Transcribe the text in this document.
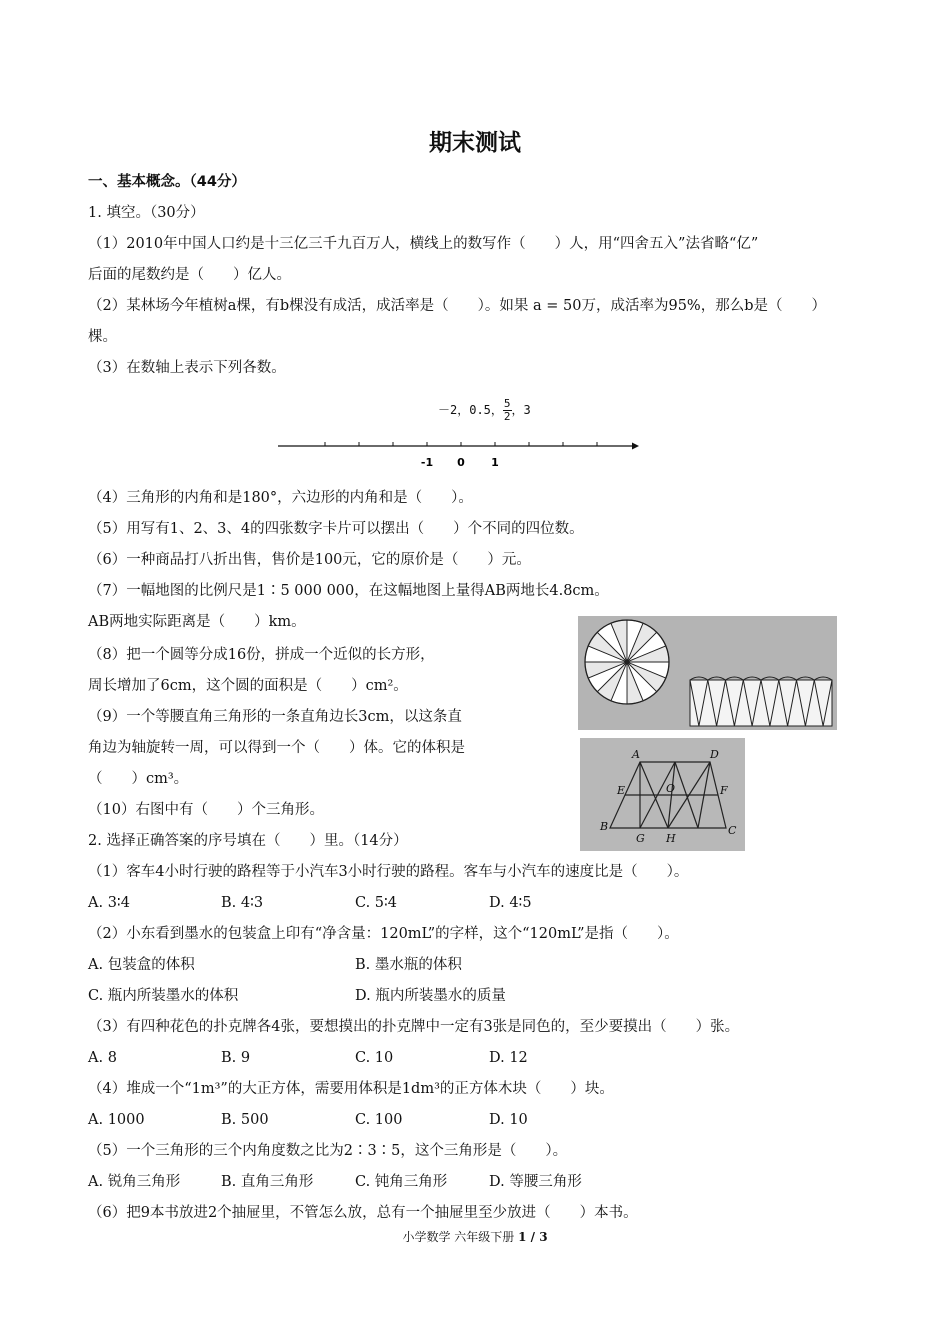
期末测试
一、基本概念。（44分）
1. 填空。（30分）
（1）2010年中国人口约是十三亿三千九百万人，横线上的数写作（　　）人，用“四舍五入”法省略“亿”
后面的尾数约是（　　）亿人。
（2）某林场今年植树a棵，有b棵没有成活，成活率是（　　）。如果 a = 50万，成活率为95%，那么b是（　　）
棵。
（3）在数轴上表示下列各数。
－2，0.5， $\frac{5}{2}$ ，3
-1 0 1
（4）三角形的内角和是180°，六边形的内角和是（　　）。
（5）用写有1、2、3、4的四张数字卡片可以摆出（　　）个不同的四位数。
（6）一种商品打八折出售，售价是100元，它的原价是（　　）元。
（7）一幅地图的比例尺是1∶5 000 000，在这幅地图上量得AB两地长4.8cm。
AB两地实际距离是（　　）km。
（8）把一个圆等分成16份，拼成一个近似的长方形，
周长增加了6cm，这个圆的面积是（　　）cm²。
（9）一个等腰直角三角形的一条直角边长3cm，以这条直
角边为轴旋转一周，可以得到一个（　　）体。它的体积是
（　　）cm³。
（10）右图中有（　　）个三角形。
A	D
E	O	F
B
G H
C
2. 选择正确答案的序号填在（　　）里。（14分）
（1）客车4小时行驶的路程等于小汽车3小时行驶的路程。客车与小汽车的速度比是（　　）。
A. 3∶4	B. 4∶3	C. 5∶4	D. 4∶5
（2）小东看到墨水的包装盒上印有“净含量：120mL”的字样，这个“120mL”是指（　　）。
A. 包装盒的体积	B. 墨水瓶的体积
C. 瓶内所装墨水的体积	D. 瓶内所装墨水的质量
（3）有四种花色的扑克牌各4张，要想摸出的扑克牌中一定有3张是同色的，至少要摸出（　　）张。
A. 8	B. 9	C. 10	D. 12
（4）堆成一个“1m³”的大正方体，需要用体积是1dm³的正方体木块（　　）块。
A. 1000	B. 500	C. 100	D. 10
（5）一个三角形的三个内角度数之比为2∶3∶5，这个三角形是（　　）。
A. 锐角三角形	B. 直角三角形	C. 钝角三角形	D. 等腰三角形
（6）把9本书放进2个抽屉里，不管怎么放，总有一个抽屉里至少放进（　　）本书。
小学数学 六年级下册 1 / 3
